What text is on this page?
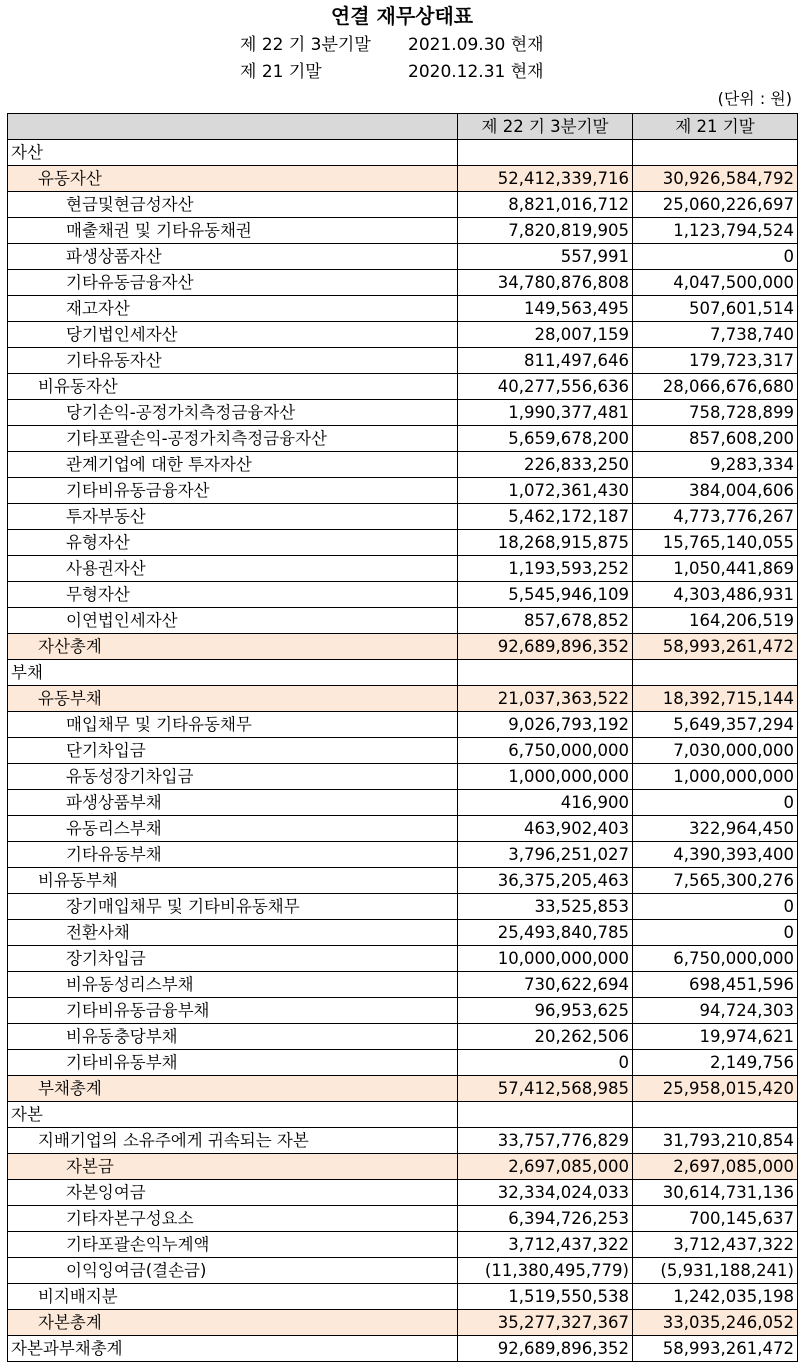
연결 재무상태표
제 22 기 3분기말 2021.09.30 현재
제 21 기말	2020.12.31 현재
(단위 : 원)
	제 22 기 3분기말	제 21 기말
자산		
유동자산	52,412,339,716	30,926,584,792
현금및현금성자산	8,821,016,712	25,060,226,697
매출채권 및 기타유동채권	7,820,819,905	1,123,794,524
파생상품자산	557,991	0
기타유동금융자산	34,780,876,808	4,047,500,000
재고자산	149,563,495	507,601,514
당기법인세자산	28,007,159	7,738,740
기타유동자산	811,497,646	179,723,317
비유동자산	40,277,556,636	28,066,676,680
당기손익-공정가치측정금융자산	1,990,377,481	758,728,899
기타포괄손익-공정가치측정금융자산	5,659,678,200	857,608,200
관계기업에 대한 투자자산	226,833,250	9,283,334
기타비유동금융자산	1,072,361,430	384,004,606
투자부동산	5,462,172,187	4,773,776,267
유형자산	18,268,915,875	15,765,140,055
사용권자산	1,193,593,252	1,050,441,869
무형자산	5,545,946,109	4,303,486,931
이연법인세자산	857,678,852	164,206,519
자산총계	92,689,896,352	58,993,261,472
부채		
유동부채	21,037,363,522	18,392,715,144
매입채무 및 기타유동채무	9,026,793,192	5,649,357,294
단기차입금	6,750,000,000	7,030,000,000
유동성장기차입금	1,000,000,000	1,000,000,000
파생상품부채	416,900	0
유동리스부채	463,902,403	322,964,450
기타유동부채	3,796,251,027	4,390,393,400
비유동부채	36,375,205,463	7,565,300,276
장기매입채무 및 기타비유동채무	33,525,853	0
전환사채	25,493,840,785	0
장기차입금	10,000,000,000	6,750,000,000
비유동성리스부채	730,622,694	698,451,596
기타비유동금융부채	96,953,625	94,724,303
비유동충당부채	20,262,506	19,974,621
기타비유동부채	0	2,149,756
부채총계	57,412,568,985	25,958,015,420
자본		
지배기업의 소유주에게 귀속되는 자본	33,757,776,829	31,793,210,854
자본금	2,697,085,000	2,697,085,000
자본잉여금	32,334,024,033	30,614,731,136
기타자본구성요소	6,394,726,253	700,145,637
기타포괄손익누계액	3,712,437,322	3,712,437,322
이익잉여금(결손금)	(11,380,495,779)	(5,931,188,241)
비지배지분	1,519,550,538	1,242,035,198
자본총계	35,277,327,367	33,035,246,052
자본과부채총계	92,689,896,352	58,993,261,472
